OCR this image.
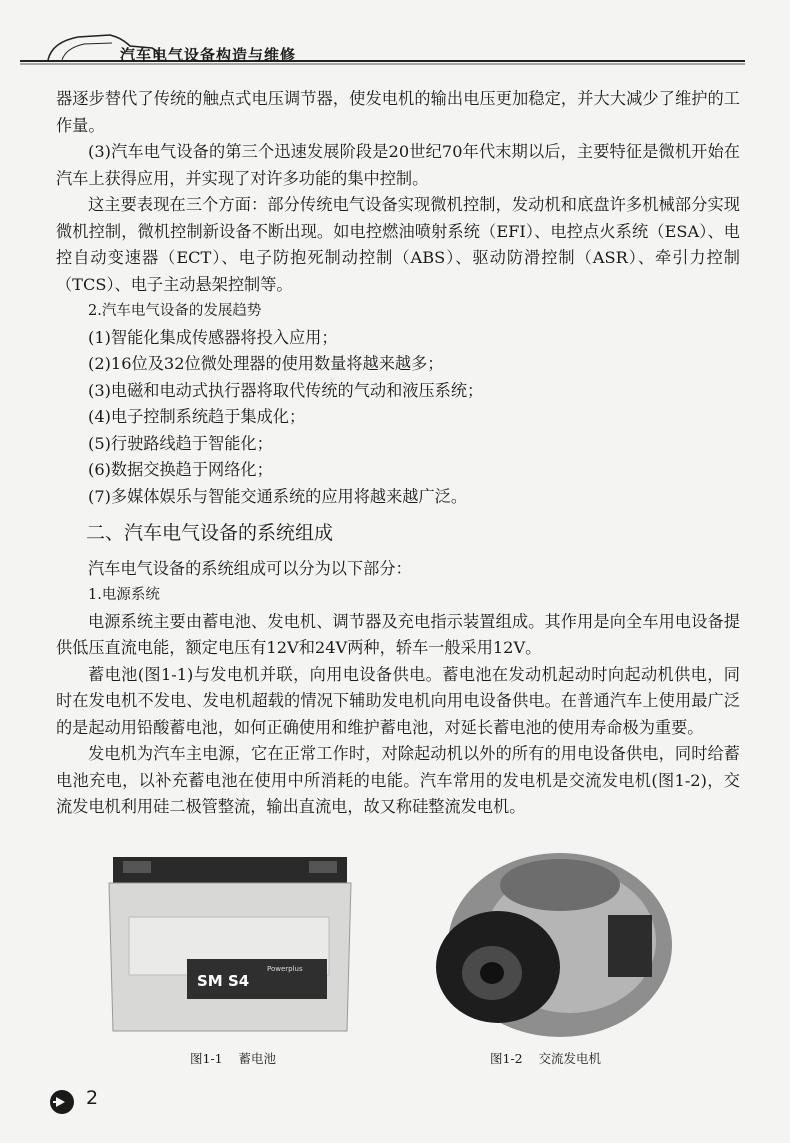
汽车电气设备构造与维修

器逐步替代了传统的触点式电压调节器，使发电机的输出电压更加稳定，并大大减少了维护的工作量。

(3)汽车电气设备的第三个迅速发展阶段是20世纪70年代末期以后，主要特征是微机开始在汽车上获得应用，并实现了对许多功能的集中控制。

这主要表现在三个方面：部分传统电气设备实现微机控制，发动机和底盘许多机械部分实现微机控制，微机控制新设备不断出现。如电控燃油喷射系统（EFI）、电控点火系统（ESA）、电控自动变速器（ECT）、电子防抱死制动控制（ABS）、驱动防滑控制（ASR）、牵引力控制（TCS）、电子主动悬架控制等。

2.汽车电气设备的发展趋势

(1)智能化集成传感器将投入应用；

(2)16位及32位微处理器的使用数量将越来越多；

(3)电磁和电动式执行器将取代传统的气动和液压系统；

(4)电子控制系统趋于集成化；

(5)行驶路线趋于智能化；

(6)数据交换趋于网络化；

(7)多媒体娱乐与智能交通系统的应用将越来越广泛。

二、汽车电气设备的系统组成

汽车电气设备的系统组成可以分为以下部分：

1.电源系统

电源系统主要由蓄电池、发电机、调节器及充电指示装置组成。其作用是向全车用电设备提供低压直流电能，额定电压有12V和24V两种，轿车一般采用12V。

蓄电池(图1-1)与发电机并联，向用电设备供电。蓄电池在发动机起动时向起动机供电，同时在发电机不发电、发电机超载的情况下辅助发电机向用电设备供电。在普通汽车上使用最广泛的是起动用铅酸蓄电池，如何正确使用和维护蓄电池，对延长蓄电池的使用寿命极为重要。

发电机为汽车主电源，它在正常工作时，对除起动机以外的所有的用电设备供电，同时给蓄电池充电，以补充蓄电池在使用中所消耗的电能。汽车常用的发电机是交流发电机(图1-2)，交流发电机利用硅二极管整流，输出直流电，故又称硅整流发电机。

SM S4
Powerplus
图1-1 蓄电池	图1-2 交流发电机
2
